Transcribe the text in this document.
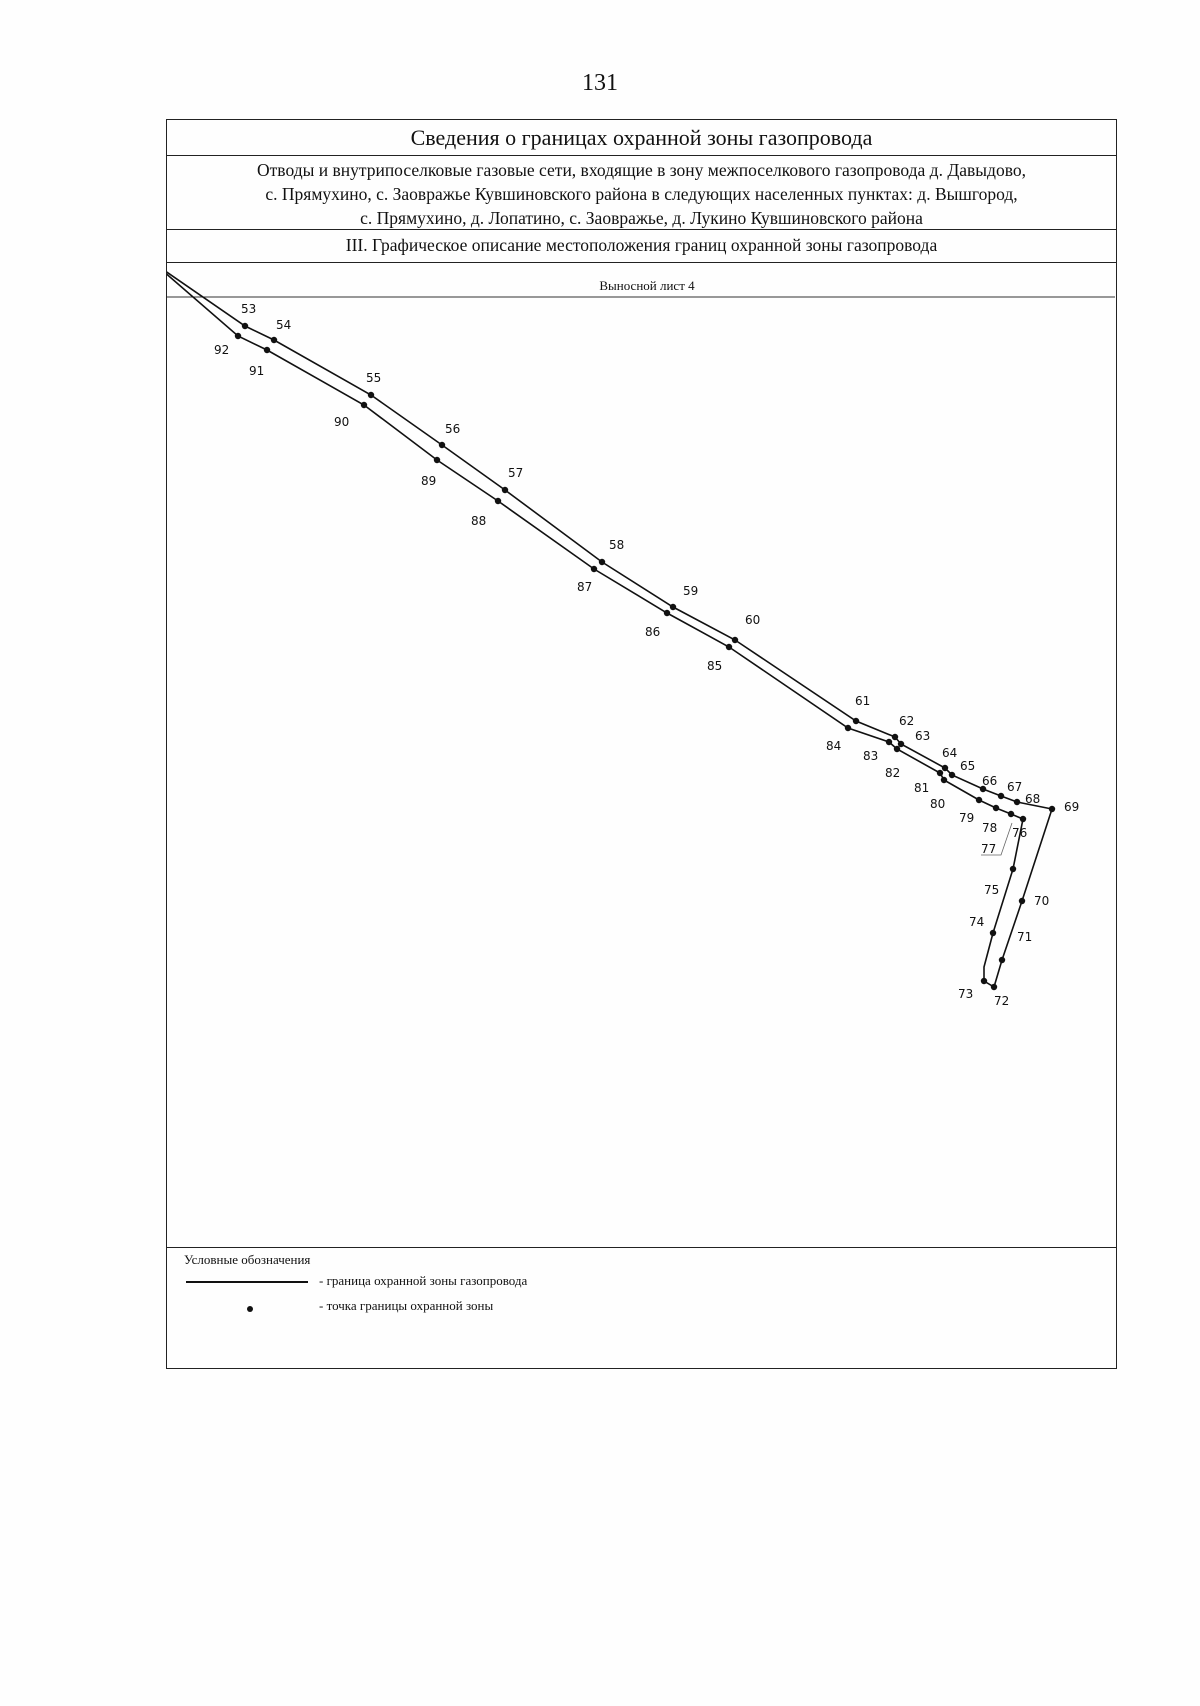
131
Сведения о границах охранной зоны газопровода
Отводы и внутрипоселковые газовые сети, входящие в зону межпоселкового газопровода д. Давыдово,
с. Прямухино, с. Заовражье Кувшиновского района в следующих населенных пунктах: д. Вышгород,
с. Прямухино, д. Лопатино, с. Заовражье, д. Лукино Кувшиновского района
III. Графическое описание местоположения границ охранной зоны газопровода
Выносной лист 4
53
54
55
56
57
58
59
60
61
62
63
64
65
66 67
68
69
92
91
90
89
88
87
86
85
84
83
82
81
80
79
78 76
77
70
71
72
75
74
73
Условные обозначения
- граница охранной зоны газопровода
- точка границы охранной зоны
